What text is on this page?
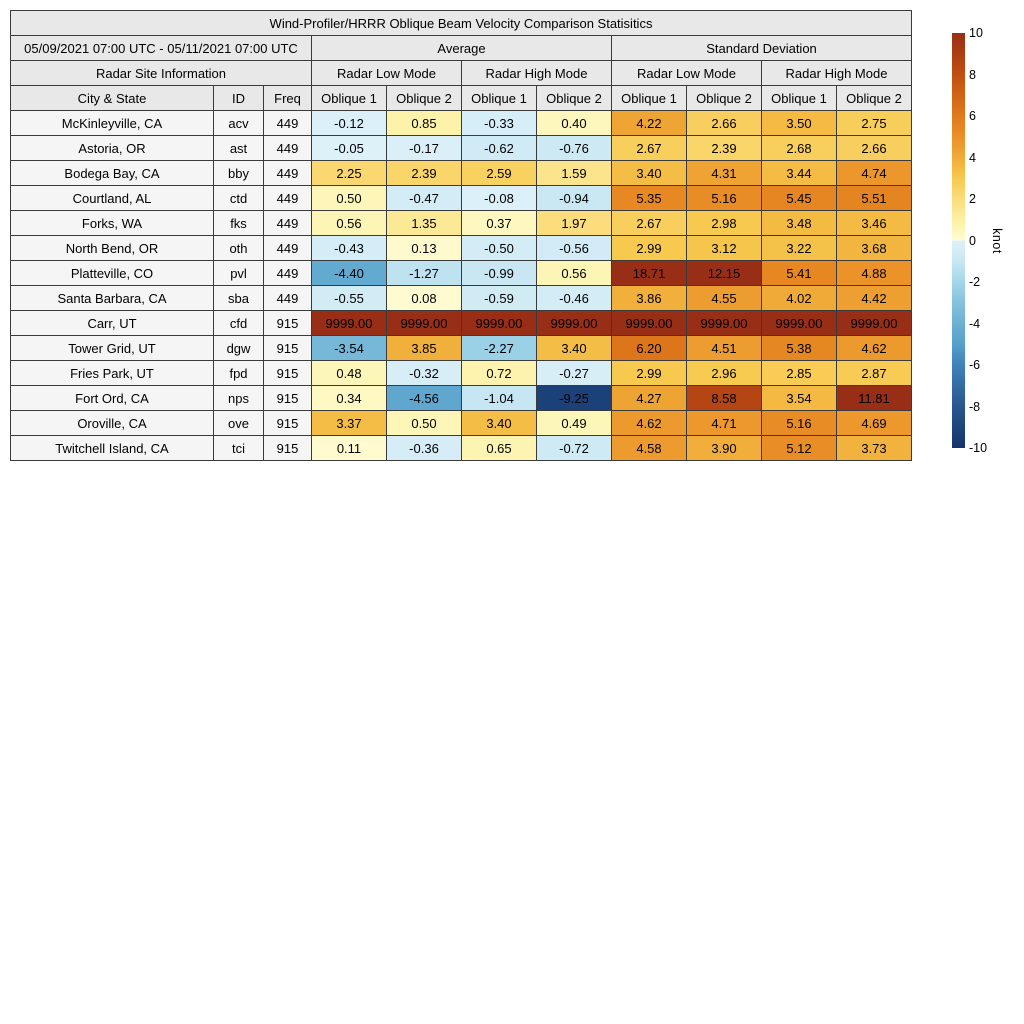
Wind-Profiler/HRRR Oblique Beam Velocity Comparison Statisitics										
05/09/2021 07:00 UTC - 05/11/2021 07:00 UTC			Average				Standard Deviation			
Radar Site Information			Radar Low Mode		Radar High Mode		Radar Low Mode		Radar High Mode	
City & State	ID	Freq	Oblique 1	Oblique 2	Oblique 1	Oblique 2	Oblique 1	Oblique 2	Oblique 1	Oblique 2
McKinleyville, CA	acv	449	-0.12	0.85	-0.33	0.40	4.22	2.66	3.50	2.75
Astoria, OR	ast	449	-0.05	-0.17	-0.62	-0.76	2.67	2.39	2.68	2.66
Bodega Bay, CA	bby	449	2.25	2.39	2.59	1.59	3.40	4.31	3.44	4.74
Courtland, AL	ctd	449	0.50	-0.47	-0.08	-0.94	5.35	5.16	5.45	5.51
Forks, WA	fks	449	0.56	1.35	0.37	1.97	2.67	2.98	3.48	3.46
North Bend, OR	oth	449	-0.43	0.13	-0.50	-0.56	2.99	3.12	3.22	3.68
Platteville, CO	pvl	449	-4.40	-1.27	-0.99	0.56	18.71	12.15	5.41	4.88
Santa Barbara, CA	sba	449	-0.55	0.08	-0.59	-0.46	3.86	4.55	4.02	4.42
Carr, UT	cfd	915	9999.00	9999.00	9999.00	9999.00	9999.00	9999.00	9999.00	9999.00
Tower Grid, UT	dgw	915	-3.54	3.85	-2.27	3.40	6.20	4.51	5.38	4.62
Fries Park, UT	fpd	915	0.48	-0.32	0.72	-0.27	2.99	2.96	2.85	2.87
Fort Ord, CA	nps	915	0.34	-4.56	-1.04	-9.25	4.27	8.58	3.54	11.81
Oroville, CA	ove	915	3.37	0.50	3.40	0.49	4.62	4.71	5.16	4.69
Twitchell Island, CA	tci	915	0.11	-0.36	0.65	-0.72	4.58	3.90	5.12	3.73
10
8
6
4
2
0
-2
-4
-6
-8
-10
knot
